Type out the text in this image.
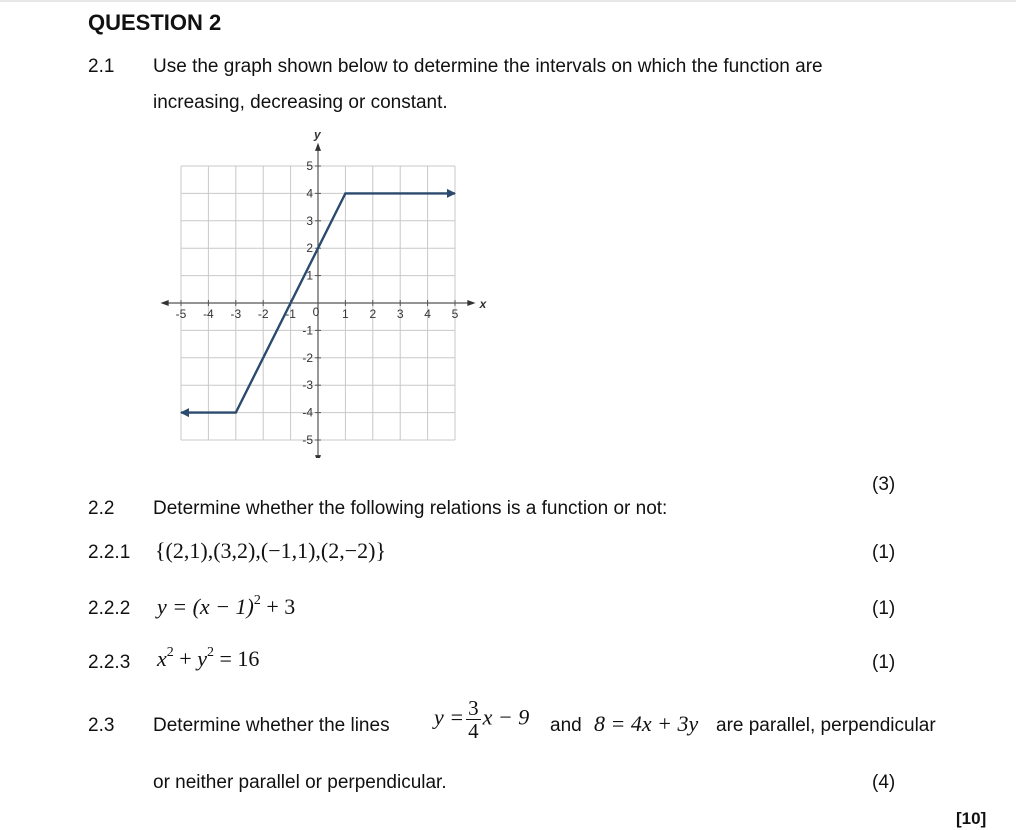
QUESTION 2
2.1 Use the graph shown below to determine the intervals on which the function are
increasing, decreasing or constant.
x
y
-5 -4 -3 -2 -1	1 2 3 4 5
5
4
3
2
1
-1
-2
-3
-4
-5
0
(3)
2.2 Determine whether the following relations is a function or not:
2.2.1 {(2,1),(3,2),(−1,1),(2,−2)}	(1)
2.2.2 $y = (x - 1)^2 + 3$	(1)
2.2.3 $x^2 + y^2 = 16$	(1)
2.3 Determine whether the lines $y = \frac{3}{4}$ x − 9 and 8 = 4x + 3y are parallel, perpendicular
or neither parallel or perpendicular.	(4)
[10]
